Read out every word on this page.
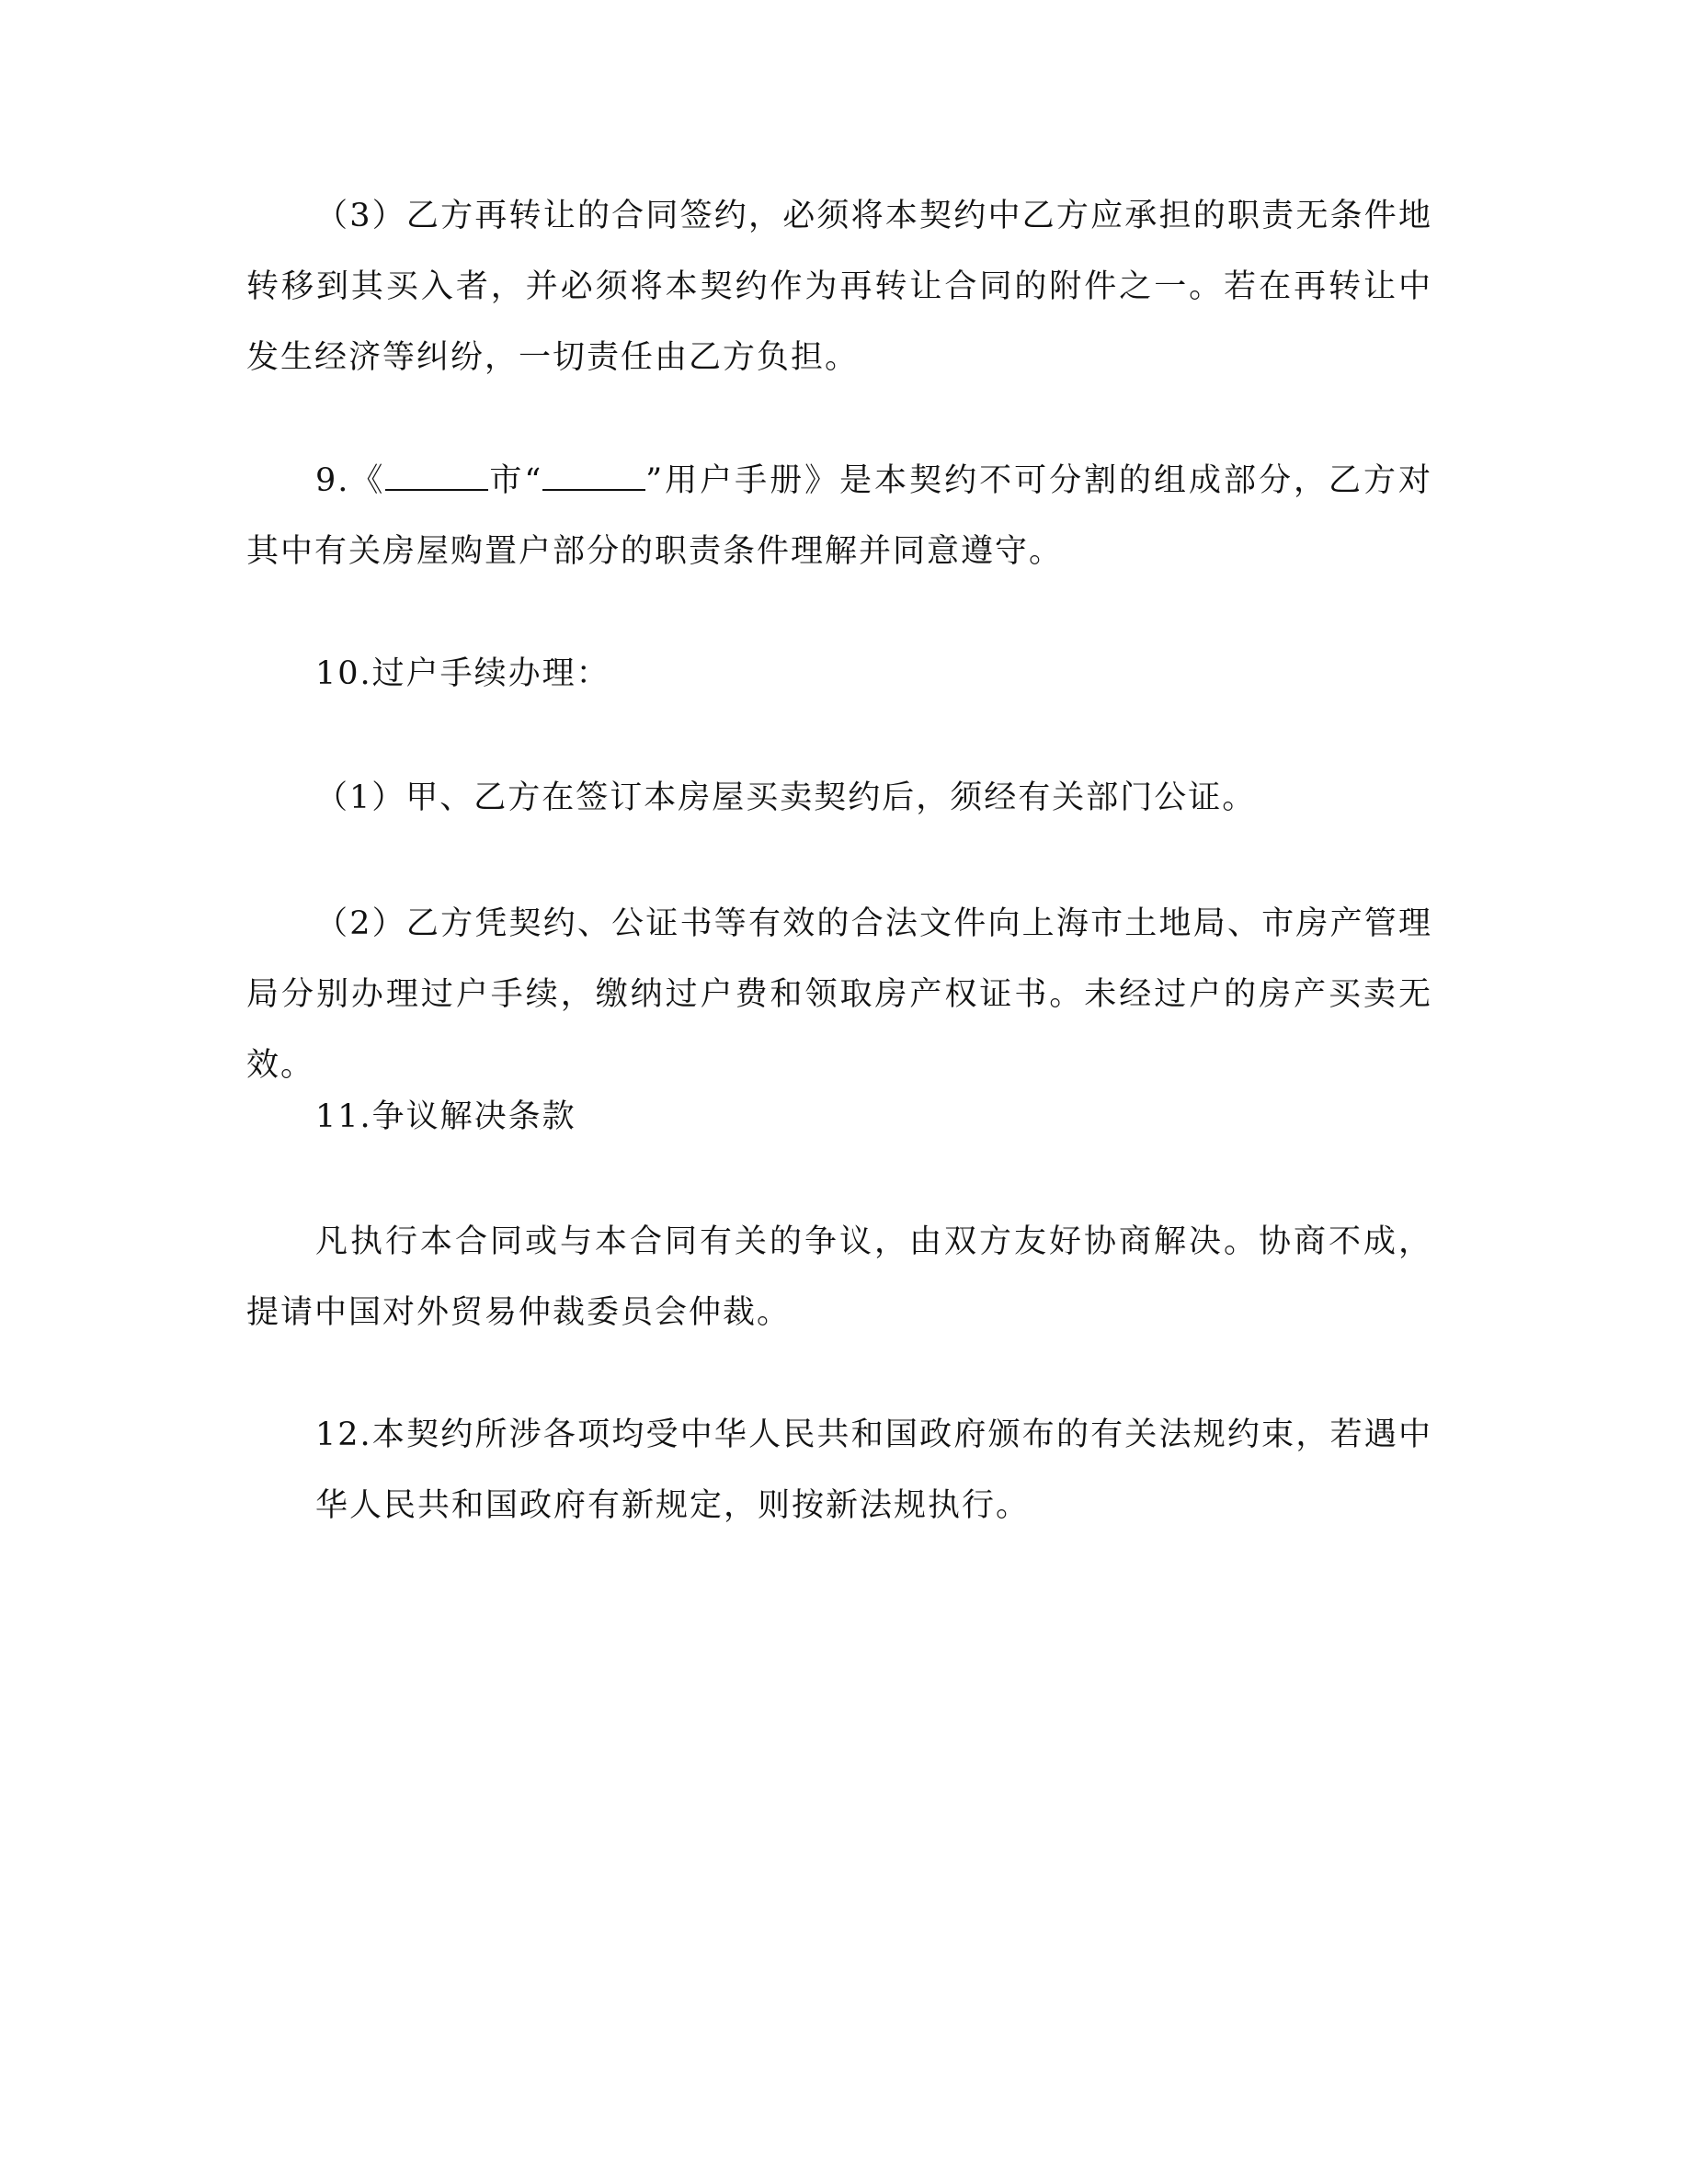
（3）乙方再转让的合同签约，必须将本契约中乙方应承担的职责无条件地转移到其买入者，并必须将本契约作为再转让合同的附件之一。若在再转让中发生经济等纠纷，一切责任由乙方负担。

9.《	市“	”用户手册》是本契约不可分割的组成部分，乙方对其中有关房屋购置户部分的职责条件理解并同意遵守。

10.过户手续办理：

（1）甲、乙方在签订本房屋买卖契约后，须经有关部门公证。

（2）乙方凭契约、公证书等有效的合法文件向上海市土地局、市房产管理局分别办理过户手续，缴纳过户费和领取房产权证书。未经过户的房产买卖无效。

11.争议解决条款

凡执行本合同或与本合同有关的争议，由双方友好协商解决。协商不成，提请中国对外贸易仲裁委员会仲裁。

12.本契约所涉各项均受中华人民共和国政府颁布的有关法规约束，若遇中华人民共和国政府有新规定，则按新法规执行。
